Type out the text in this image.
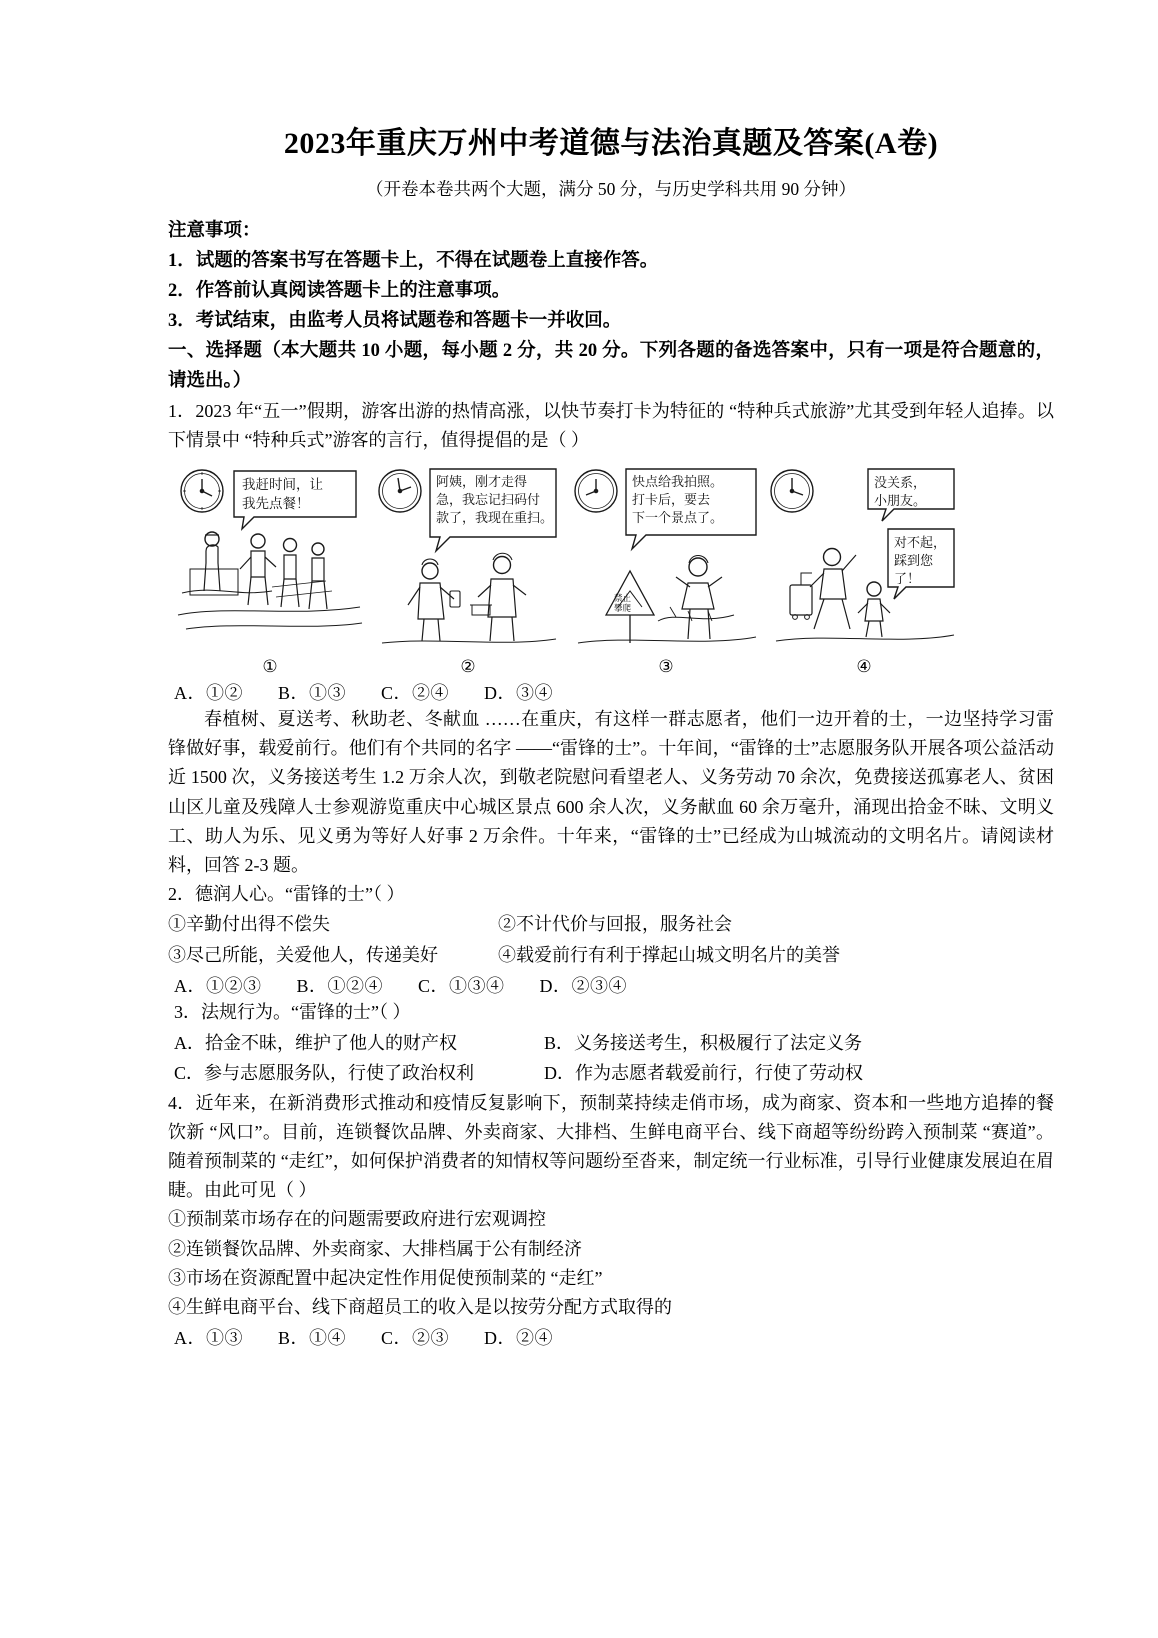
2023年重庆万州中考道德与法治真题及答案(A卷)

（开卷本卷共两个大题，满分 50 分，与历史学科共用 90 分钟）

注意事项：

1．试题的答案书写在答题卡上，不得在试题卷上直接作答。

2．作答前认真阅读答题卡上的注意事项。

3．考试结束，由监考人员将试题卷和答题卡一并收回。

一、选择题（本大题共 10 小题，每小题 2 分，共 20 分。下列各题的备选答案中，只有一项是符合题意的，请选出。）

1．2023 年“五一”假期，游客出游的热情高涨，以快节奏打卡为特征的 “特种兵式旅游”尤其受到年轻人追捧。以下情景中 “特种兵式”游客的言行，值得提倡的是（ ）

我赶时间，让
我先点餐！
①
阿姨，刚才走得
急，我忘记扫码付
款了，我现在重扫。
②
快点给我拍照。
打卡后，要去
下一个景点了。
禁止
攀爬
③
没关系，
小朋友。
对不起，
踩到您
了！
④

A．①② B．①③ C．②④ D．③④

春植树、夏送考、秋助老、冬献血 ……在重庆，有这样一群志愿者，他们一边开着的士，一边坚持学习雷锋做好事，载爱前行。他们有个共同的名字 ——“雷锋的士”。十年间，“雷锋的士”志愿服务队开展各项公益活动近 1500 次，义务接送考生 1.2 万余人次，到敬老院慰问看望老人、义务劳动 70 余次，免费接送孤寡老人、贫困山区儿童及残障人士参观游览重庆中心城区景点 600 余人次，义务献血 60 余万毫升，涌现出拾金不昧、文明义工、助人为乐、见义勇为等好人好事 2 万余件。十年来，“雷锋的士”已经成为山城流动的文明名片。请阅读材料，回答 2-3 题。

2．德润人心。“雷锋的士”（ ）

①辛勤付出得不偿失	②不计代价与回报，服务社会

③尽己所能，关爱他人，传递美好	④载爱前行有利于撑起山城文明名片的美誉

A．①②③ B．①②④ C．①③④ D．②③④

3．法规行为。“雷锋的士”（ ）

A．拾金不昧，维护了他人的财产权	B．义务接送考生，积极履行了法定义务

C．参与志愿服务队，行使了政治权利	D．作为志愿者载爱前行，行使了劳动权

4．近年来，在新消费形式推动和疫情反复影响下，预制菜持续走俏市场，成为商家、资本和一些地方追捧的餐饮新 “风口”。目前，连锁餐饮品牌、外卖商家、大排档、生鲜电商平台、线下商超等纷纷跨入预制菜 “赛道”。随着预制菜的 “走红”，如何保护消费者的知情权等问题纷至沓来，制定统一行业标准，引导行业健康发展迫在眉睫。由此可见（ ）

①预制菜市场存在的问题需要政府进行宏观调控

②连锁餐饮品牌、外卖商家、大排档属于公有制经济

③市场在资源配置中起决定性作用促使预制菜的 “走红”

④生鲜电商平台、线下商超员工的收入是以按劳分配方式取得的

A．①③ B．①④ C．②③ D．②④
